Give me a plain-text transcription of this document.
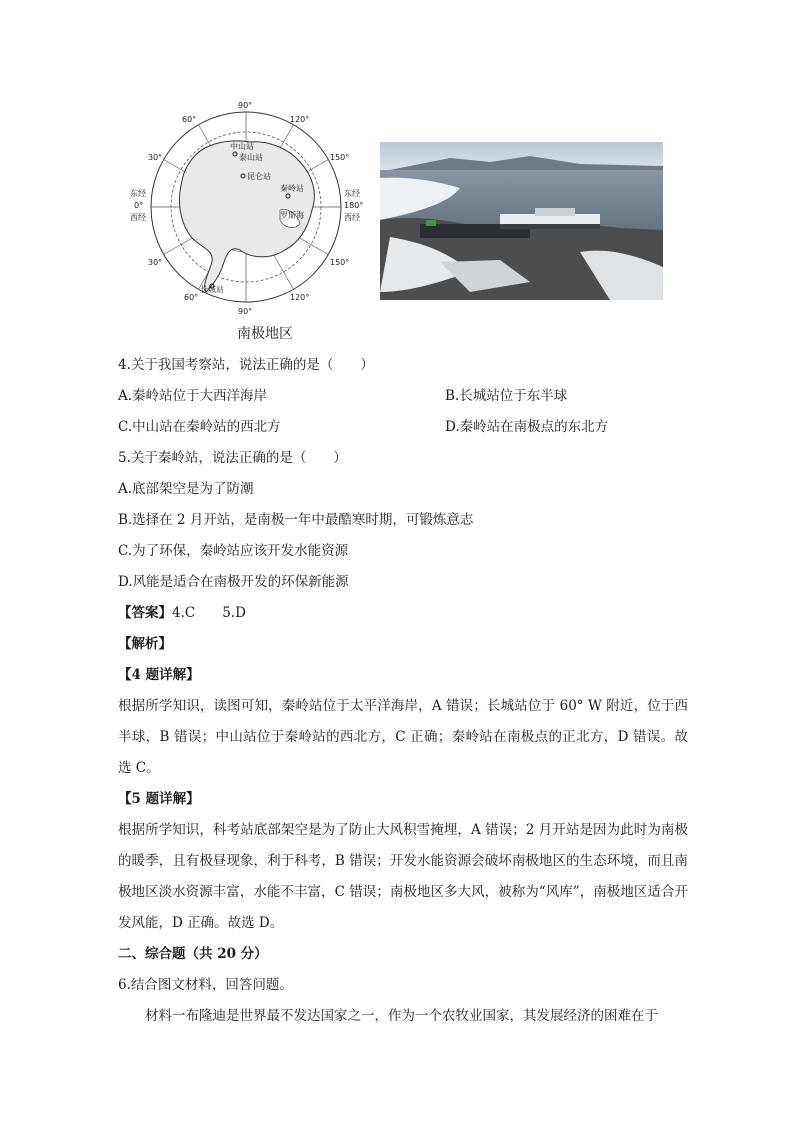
90°
90°
60°	120°
60°	120°
30°
30°
150°
150°
东经
0°
西经
东经
180°
西经
中山站
泰山站
昆仑站
秦岭站
罗斯海
长城站
南极地区
4.关于我国考察站，说法正确的是（　　）
A.秦岭站位于大西洋海岸	B.长城站位于东半球
C.中山站在秦岭站的西北方	D.秦岭站在南极点的东北方
5.关于秦岭站，说法正确的是（　　）
A.底部架空是为了防潮
B.选择在 2 月开站，是南极一年中最酷寒时期，可锻炼意志
C.为了环保，秦岭站应该开发水能资源
D.风能是适合在南极开发的环保新能源
【答案】4.C　　5.D
【解析】
【4 题详解】
根据所学知识，读图可知，秦岭站位于太平洋海岸，A 错误；长城站位于 60° W 附近，位于西半球，B 错误；中山站位于秦岭站的西北方，C 正确；秦岭站在南极点的正北方，D 错误。故选 C。
【5 题详解】
根据所学知识，科考站底部架空是为了防止大风积雪掩埋，A 错误；2 月开站是因为此时为南极的暖季，且有极昼现象，利于科考，B 错误；开发水能资源会破坏南极地区的生态环境，而且南极地区淡水资源丰富，水能不丰富，C 错误；南极地区多大风，被称为“风库”，南极地区适合开发风能，D 正确。故选 D。
二、综合题（共 20 分）
6.结合图文材料，回答问题。
材料一布隆迪是世界最不发达国家之一，作为一个农牧业国家，其发展经济的困难在于
